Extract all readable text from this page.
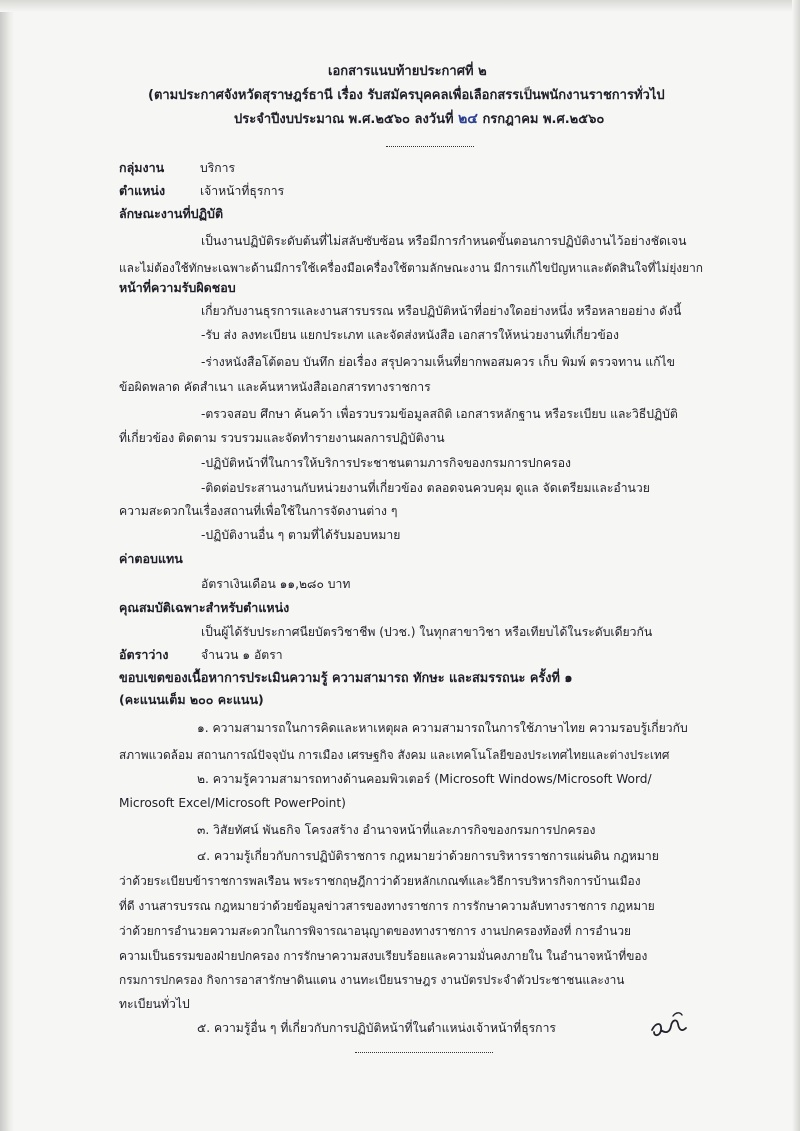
เอกสารแนบท้ายประกาศที่ ๒
(ตามประกาศจังหวัดสุราษฎร์ธานี เรื่อง รับสมัครบุคคลเพื่อเลือกสรรเป็นพนักงานราชการทั่วไป
ประจำปีงบประมาณ พ.ศ.๒๕๖๐ ลงวันที่ ๒๔ กรกฎาคม พ.ศ.๒๕๖๐
กลุ่มงาน	บริการ
ตำแหน่ง	เจ้าหน้าที่ธุรการ
ลักษณะงานที่ปฏิบัติ
เป็นงานปฏิบัติระดับต้นที่ไม่สลับซับซ้อน หรือมีการกำหนดขั้นตอนการปฏิบัติงานไว้อย่างชัดเจน
และไม่ต้องใช้ทักษะเฉพาะด้านมีการใช้เครื่องมือเครื่องใช้ตามลักษณะงาน มีการแก้ไขปัญหาและตัดสินใจที่ไม่ยุ่งยาก
หน้าที่ความรับผิดชอบ
เกี่ยวกับงานธุรการและงานสารบรรณ หรือปฏิบัติหน้าที่อย่างใดอย่างหนึ่ง หรือหลายอย่าง ดังนี้
-รับ ส่ง ลงทะเบียน แยกประเภท และจัดส่งหนังสือ เอกสารให้หน่วยงานที่เกี่ยวข้อง
-ร่างหนังสือโต้ตอบ บันทึก ย่อเรื่อง สรุปความเห็นที่ยากพอสมควร เก็บ พิมพ์ ตรวจทาน แก้ไข
ข้อผิดพลาด คัดสำเนา และค้นหาหนังสือเอกสารทางราชการ
-ตรวจสอบ ศึกษา ค้นคว้า เพื่อรวบรวมข้อมูลสถิติ เอกสารหลักฐาน หรือระเบียบ และวิธีปฏิบัติ
ที่เกี่ยวข้อง ติดตาม รวบรวมและจัดทำรายงานผลการปฏิบัติงาน
-ปฏิบัติหน้าที่ในการให้บริการประชาชนตามภารกิจของกรมการปกครอง
-ติดต่อประสานงานกับหน่วยงานที่เกี่ยวข้อง ตลอดจนควบคุม ดูแล จัดเตรียมและอำนวย
ความสะดวกในเรื่องสถานที่เพื่อใช้ในการจัดงานต่าง ๆ
-ปฏิบัติงานอื่น ๆ ตามที่ได้รับมอบหมาย
ค่าตอบแทน
อัตราเงินเดือน ๑๑,๒๘๐ บาท
คุณสมบัติเฉพาะสำหรับตำแหน่ง
เป็นผู้ได้รับประกาศนียบัตรวิชาชีพ (ปวช.) ในทุกสาขาวิชา หรือเทียบได้ในระดับเดียวกัน
อัตราว่าง	จำนวน ๑ อัตรา
ขอบเขตของเนื้อหาการประเมินความรู้ ความสามารถ ทักษะ และสมรรถนะ ครั้งที่ ๑
(คะแนนเต็ม ๒๐๐ คะแนน)
๑. ความสามารถในการคิดและหาเหตุผล ความสามารถในการใช้ภาษาไทย ความรอบรู้เกี่ยวกับ
สภาพแวดล้อม สถานการณ์ปัจจุบัน การเมือง เศรษฐกิจ สังคม และเทคโนโลยีของประเทศไทยและต่างประเทศ
๒. ความรู้ความสามารถทางด้านคอมพิวเตอร์ (Microsoft Windows/Microsoft Word/
Microsoft Excel/Microsoft PowerPoint)
๓. วิสัยทัศน์ พันธกิจ โครงสร้าง อำนาจหน้าที่และภารกิจของกรมการปกครอง
๔. ความรู้เกี่ยวกับการปฏิบัติราชการ กฎหมายว่าด้วยการบริหารราชการแผ่นดิน กฎหมาย
ว่าด้วยระเบียบข้าราชการพลเรือน พระราชกฤษฎีกาว่าด้วยหลักเกณฑ์และวิธีการบริหารกิจการบ้านเมือง
ที่ดี งานสารบรรณ กฎหมายว่าด้วยข้อมูลข่าวสารของทางราชการ การรักษาความลับทางราชการ กฎหมาย
ว่าด้วยการอำนวยความสะดวกในการพิจารณาอนุญาตของทางราชการ งานปกครองท้องที่ การอำนวย
ความเป็นธรรมของฝ่ายปกครอง การรักษาความสงบเรียบร้อยและความมั่นคงภายใน ในอำนาจหน้าที่ของ
กรมการปกครอง กิจการอาสารักษาดินแดน งานทะเบียนราษฎร งานบัตรประจำตัวประชาชนและงาน
ทะเบียนทั่วไป
๕. ความรู้อื่น ๆ ที่เกี่ยวกับการปฏิบัติหน้าที่ในตำแหน่งเจ้าหน้าที่ธุรการ
